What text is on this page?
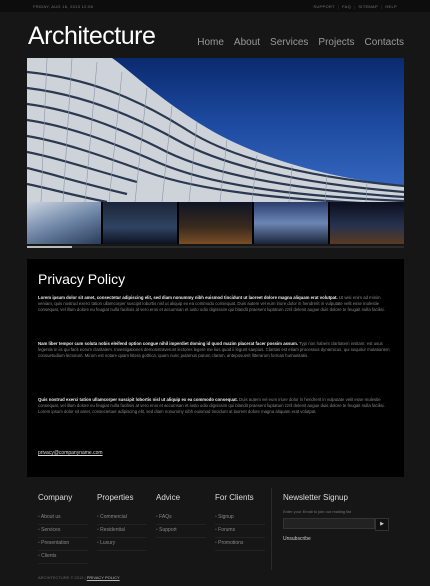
FRIDAY, AUG 16, 2013 12:06	SUPPORT | FAQ | SITEMAP | HELP
Architecture	Home About Services Projects Contacts
Privacy Policy
Lorem ipsum dolor sit amet, consectetur adipiscing elit, sed diam nonummy nibh euismod tincidunt ut laoreet dolore magna aliquam erat volutpat. Ut wisi enim ad minim veniam, quis nostrud exerci tation ullamcorper suscipit lobortis nisl ut aliquip ex ea commodo consequat. Duis autem vel eum iriure dolor in hendrerit in vulputate velit esse molestie consequat, vel illum dolore eu feugiat nulla facilisis at vero eros et accumsan et iusto odio dignissim qui blandit praesent luptatum zzril delenit augue duis dolore te feugait nulla facilisi.
Nam liber tempor cum soluta nobis eleifend option congue nihil imperdiet doming id quod mazim placerat facer possim assum. Typi non habent claritatem insitam; est usus legentis in iis qui facit eorum claritatem. Investigationes demonstraverunt lectores legere me lius quod ii legunt saepius. Claritas est etiam processus dynamicus, qui sequitur mutationem consuetudium lectorum. Mirum est notare quam littera gothica, quam nunc putamus parum claram, anteposuerit litterarum formas humanitatis.
Quis nostrud exerci tation ullamcorper suscipit lobortis nisl ut aliquip ex ea commodo consequat. Duis autem vel eum iriure dolor in hendrerit in vulputate velit esse molestie consequat, vel illum dolore eu feugiat nulla facilisis at vero eros et accumsan et iusto odio dignissim qui blandit praesent luptatum zzril delenit augue duis dolore te feugait nulla facilisi. Lorem ipsum dolor sit amet, consectetuer adipiscing elit, sed diam nonummy nibh euismod tincidunt ut laoreet dolore magna aliquam erat volutpat.
privacy@companyname.com
Company
• About us
• Services
• Presentation
• Clients
Properties
• Commercial
• Residential
• Luxury
Advice
• FAQs
• Support
For Clients
• Signup
• Forums
• Promotions
Newsletter Signup
Enter your Email to join our mailing list
▶
Unsubscribe
ARCHITECTURE © 2013 | PRIVACY POLICY
